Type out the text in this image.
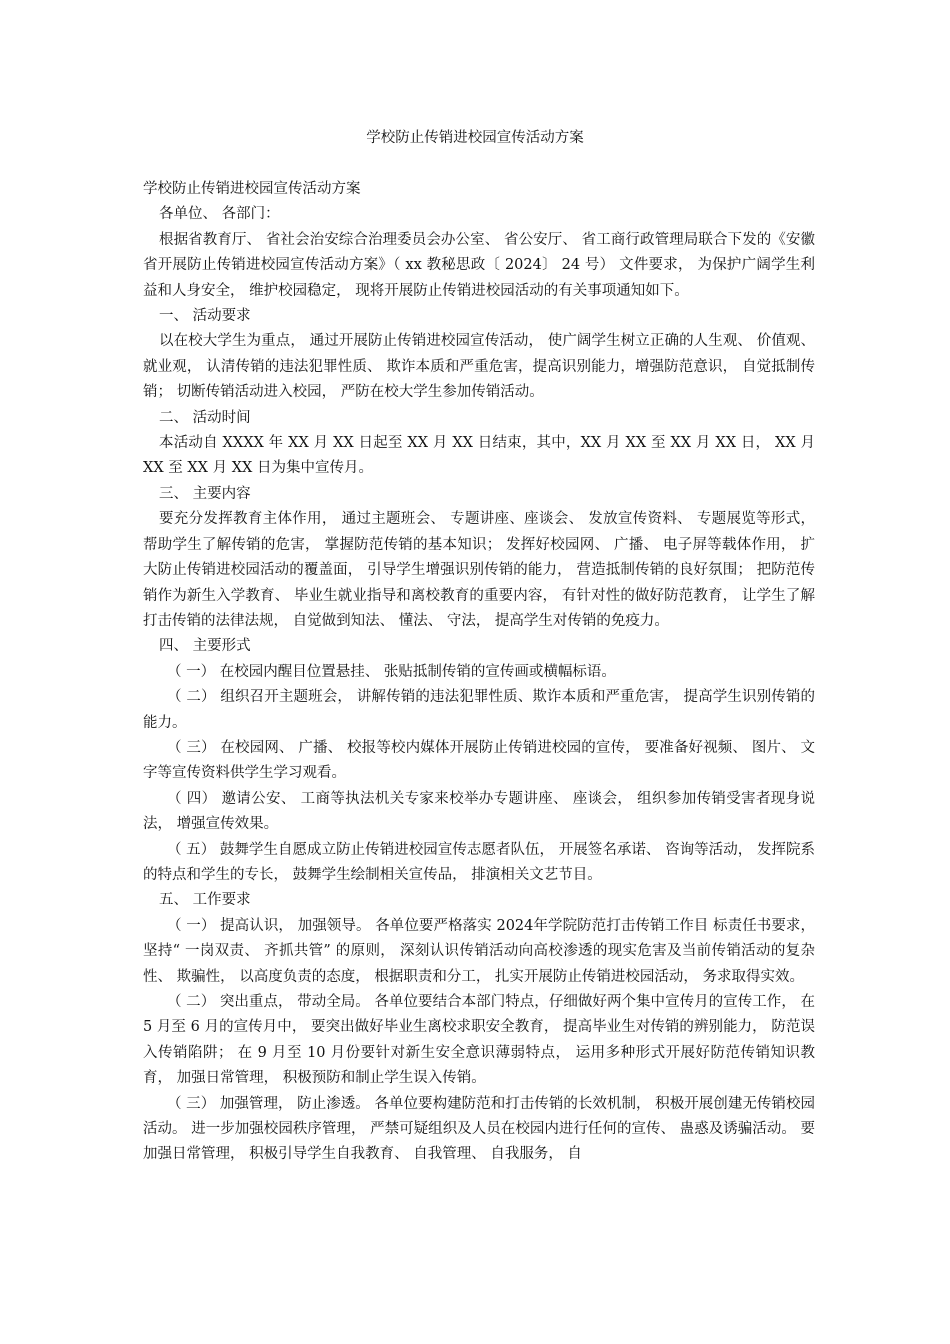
学校防止传销进校园宣传活动方案

学校防止传销进校园宣传活动方案

各单位、 各部门：

根据省教育厅、 省社会治安综合治理委员会办公室、 省公安厅、 省工商行政管理局联合下发的《安徽省开展防止传销进校园宣传活动方案》（ xx 教秘思政〔 2024〕 24 号） 文件要求， 为保护广阔学生利益和人身安全， 维护校园稳定， 现将开展防止传销进校园活动的有关事项通知如下。

一、 活动要求

以在校大学生为重点， 通过开展防止传销进校园宣传活动， 使广阔学生树立正确的人生观、 价值观、 就业观， 认清传销的违法犯罪性质、 欺诈本质和严重危害，提高识别能力，增强防范意识， 自觉抵制传销； 切断传销活动进入校园， 严防在校大学生参加传销活动。

二、 活动时间

本活动自 XXXX 年 XX 月 XX 日起至 XX 月 XX 日结束，其中，XX 月 XX 至 XX 月 XX 日， XX 月 XX 至 XX 月 XX 日为集中宣传月。

三、 主要内容

要充分发挥教育主体作用， 通过主题班会、 专题讲座、座谈会、 发放宣传资料、 专题展览等形式， 帮助学生了解传销的危害， 掌握防范传销的基本知识； 发挥好校园网、 广播、 电子屏等载体作用， 扩大防止传销进校园活动的覆盖面， 引导学生增强识别传销的能力， 营造抵制传销的良好氛围； 把防范传销作为新生入学教育、 毕业生就业指导和离校教育的重要内容， 有针对性的做好防范教育， 让学生了解打击传销的法律法规， 自觉做到知法、 懂法、 守法， 提高学生对传销的免疫力。

四、 主要形式

（ 一） 在校园内醒目位置悬挂、 张贴抵制传销的宣传画或横幅标语。

（ 二） 组织召开主题班会， 讲解传销的违法犯罪性质、欺诈本质和严重危害， 提高学生识别传销的能力。

（ 三） 在校园网、 广播、 校报等校内媒体开展防止传销进校园的宣传， 要准备好视频、 图片、 文字等宣传资料供学生学习观看。

（ 四） 邀请公安、 工商等执法机关专家来校举办专题讲座、 座谈会， 组织参加传销受害者现身说法， 增强宣传效果。

（ 五） 鼓舞学生自愿成立防止传销进校园宣传志愿者队伍， 开展签名承诺、 咨询等活动， 发挥院系的特点和学生的专长， 鼓舞学生绘制相关宣传品， 排演相关文艺节目。

五、 工作要求

（ 一） 提高认识， 加强领导。 各单位要严格落实 2024年学院防范打击传销工作目 标责任书要求， 坚持“ 一岗双责、 齐抓共管” 的原则， 深刻认识传销活动向高校渗透的现实危害及当前传销活动的复杂性、 欺骗性， 以高度负责的态度， 根据职责和分工， 扎实开展防止传销进校园活动， 务求取得实效。

（ 二） 突出重点， 带动全局。 各单位要结合本部门特点，仔细做好两个集中宣传月的宣传工作， 在 5 月至 6 月的宣传月中， 要突出做好毕业生离校求职安全教育， 提高毕业生对传销的辨别能力， 防范误入传销陷阱； 在 9 月至 10 月份要针对新生安全意识薄弱特点， 运用多种形式开展好防范传销知识教育， 加强日常管理， 积极预防和制止学生误入传销。

（ 三） 加强管理， 防止渗透。 各单位要构建防范和打击传销的长效机制， 积极开展创建无传销校园活动。 进一步加强校园秩序管理， 严禁可疑组织及人员在校园内进行任何的宣传、 蛊惑及诱骗活动。 要加强日常管理， 积极引导学生自我教育、 自我管理、 自我服务， 自
